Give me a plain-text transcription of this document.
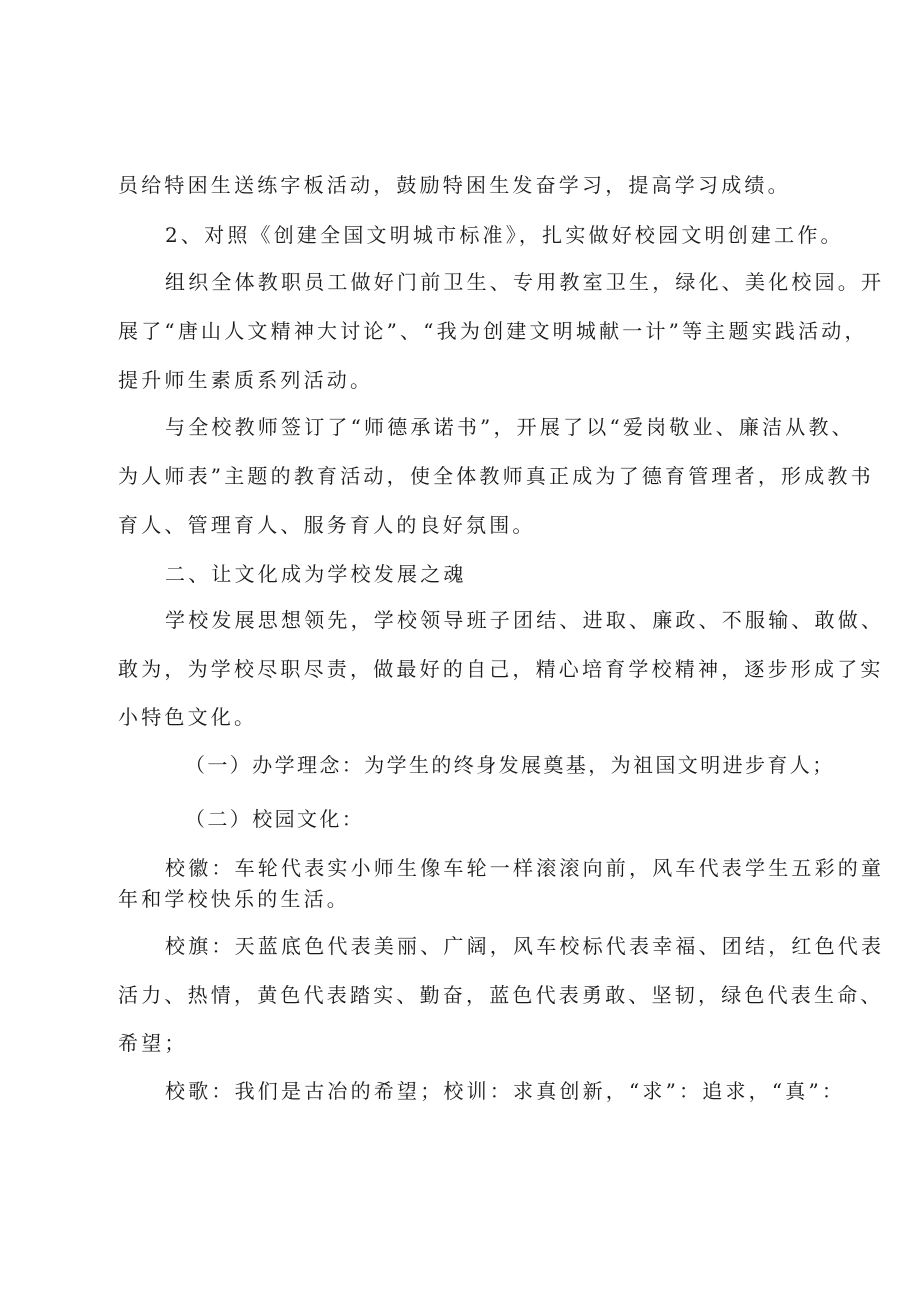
员给特困生送练字板活动，鼓励特困生发奋学习，提高学习成绩。
2、对照《创建全国文明城市标准》，扎实做好校园文明创建工作。
组织全体教职员工做好门前卫生、专用教室卫生，绿化、美化校园。开
展了“唐山人文精神大讨论”、“我为创建文明城献一计”等主题实践活动，
提升师生素质系列活动。
与全校教师签订了“师德承诺书”，开展了以“爱岗敬业、廉洁从教、
为人师表”主题的教育活动，使全体教师真正成为了德育管理者，形成教书
育人、管理育人、服务育人的良好氛围。
二、让文化成为学校发展之魂
学校发展思想领先，学校领导班子团结、进取、廉政、不服输、敢做、
敢为，为学校尽职尽责，做最好的自己，精心培育学校精神，逐步形成了实
小特色文化。
（一）办学理念：为学生的终身发展奠基，为祖国文明进步育人；
（二）校园文化：
校徽：车轮代表实小师生像车轮一样滚滚向前，风车代表学生五彩的童
年和学校快乐的生活。
校旗：天蓝底色代表美丽、广阔，风车校标代表幸福、团结，红色代表
活力、热情，黄色代表踏实、勤奋，蓝色代表勇敢、坚韧，绿色代表生命、
希望；
校歌：我们是古冶的希望；校训：求真创新，“求”：追求，“真”：
